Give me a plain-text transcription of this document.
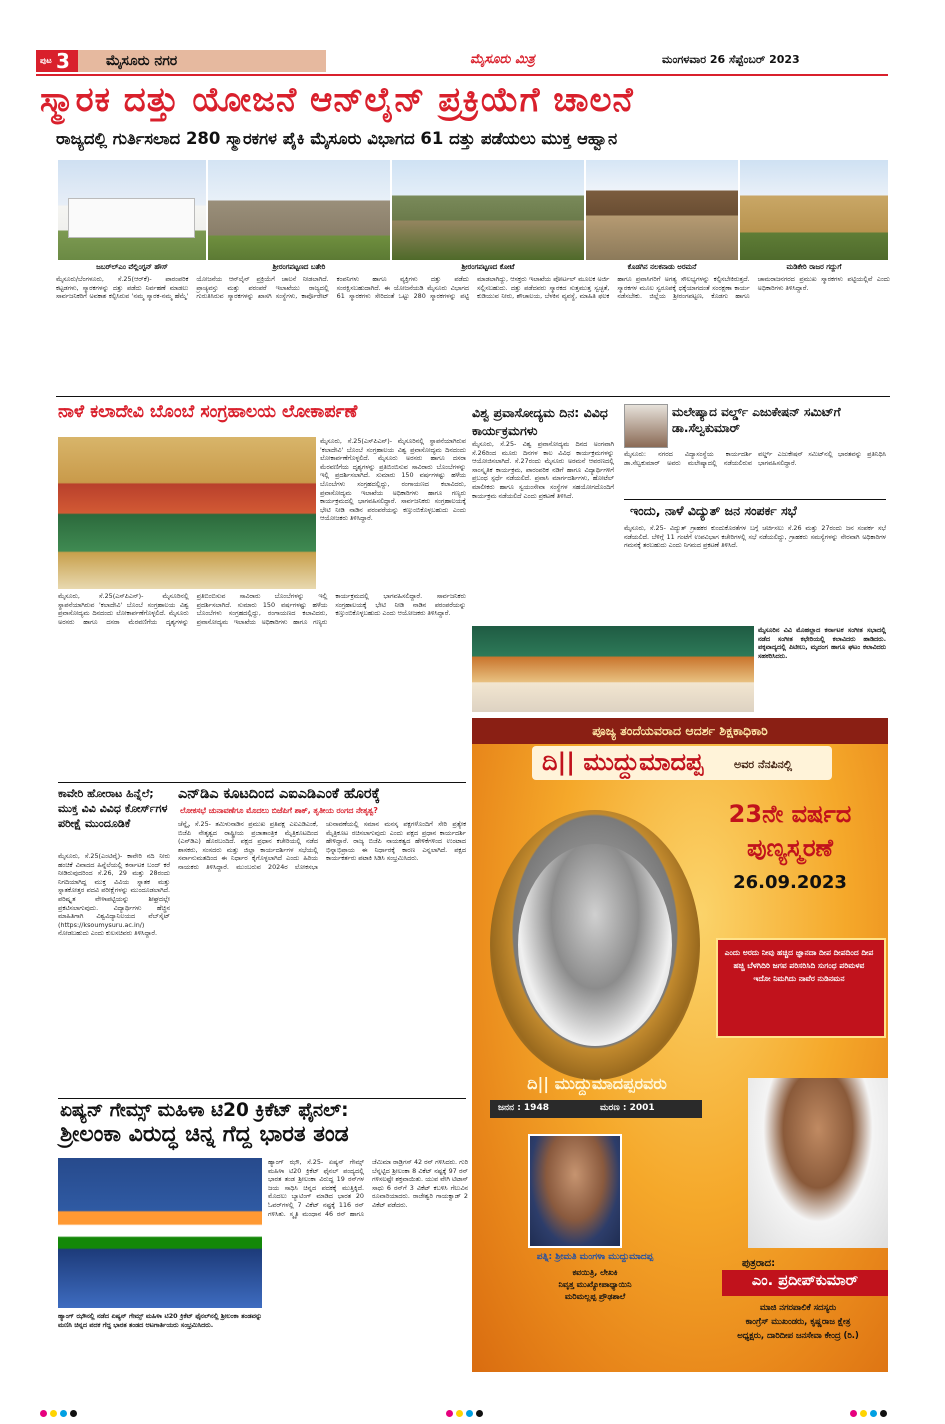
ಪುಟ 3	ಮೈಸೂರು ನಗರ	ಮೈಸೂರು ಮಿತ್ರ	ಮಂಗಳವಾರ 26 ಸೆಪ್ಟೆಂಬರ್ 2023
ಸ್ಮಾರಕ ದತ್ತು ಯೋಜನೆ ಆನ್‌ಲೈನ್ ಪ್ರಕ್ರಿಯೆಗೆ ಚಾಲನೆ
ರಾಜ್ಯದಲ್ಲಿ ಗುರ್ತಿಸಲಾದ 280 ಸ್ಮಾರಕಗಳ ಪೈಕಿ ಮೈಸೂರು ವಿಭಾಗದ 61 ದತ್ತು ಪಡೆಯಲು ಮುಕ್ತ ಆಹ್ವಾನ
ಜಬರ್‌ಲ್‌ಎಂ ವೆಲ್ಲಿಂಗ್ಟನ್ ಹೌಸ್	ಶ್ರೀರಂಗಪಟ್ಟಣದ ಬತೇರಿ	ಶ್ರೀರಂಗಪಟ್ಟಣದ ಕೋಟೆ	ಕೊಡಗಿನ ನಲಕನಾಡು ಅರಮನೆ	ಮಡಿಕೇರಿ ರಾಜರ ಗದ್ದುಗೆ
ಮೈಸೂರು/ಬೆಂಗಳೂರು, ಸೆ.25(ಆರ್‌ಕೆ)- ಪಾರಂಪರಿಕ ಕಟ್ಟಡಗಳು, ಸ್ಮಾರಕಗಳನ್ನು ದತ್ತು ಪಡೆದು ನಿರ್ವಹಣೆ ಮಾಡಲು ಸಾರ್ವಜನಿಕರಿಗೆ ಅವಕಾಶ ಕಲ್ಪಿಸಿರುವ 'ನಮ್ಮ ಸ್ಮಾರಕ-ನಮ್ಮ ಹೆಮ್ಮೆ' ಯೋಜನೆಯ ಆನ್‌ಲೈನ್ ಪ್ರಕ್ರಿಯೆಗೆ ಚಾಲನೆ ನೀಡಲಾಗಿದೆ. ಪ್ರಾಚ್ಯವಸ್ತು ಮತ್ತು ಪರಂಪರೆ ಇಲಾಖೆಯು ರಾಜ್ಯದಲ್ಲಿ ಗುರುತಿಸಿರುವ ಸ್ಮಾರಕಗಳನ್ನು ಖಾಸಗಿ ಸಂಸ್ಥೆಗಳು, ಕಾರ್ಪೊರೇಟ್ ಕಂಪನಿಗಳು ಹಾಗೂ ವ್ಯಕ್ತಿಗಳು ದತ್ತು ಪಡೆದು ಸಂರಕ್ಷಿಸಬಹುದಾಗಿದೆ. ಈ ಯೋಜನೆಯಡಿ ಮೈಸೂರು ವಿಭಾಗದ 61 ಸ್ಮಾರಕಗಳು ಸೇರಿದಂತೆ ಒಟ್ಟು 280 ಸ್ಮಾರಕಗಳನ್ನು ಪಟ್ಟಿ ಮಾಡಲಾಗಿದ್ದು, ಆಸಕ್ತರು ಇಲಾಖೆಯ ಪೋರ್ಟಲ್ ಮೂಲಕ ಅರ್ಜಿ ಸಲ್ಲಿಸಬಹುದು. ದತ್ತು ಪಡೆದವರು ಸ್ಮಾರಕದ ಸುತ್ತಮುತ್ತ ಸ್ವಚ್ಛತೆ, ಕುಡಿಯುವ ನೀರು, ಶೌಚಾಲಯ, ಬೆಳಕಿನ ವ್ಯವಸ್ಥೆ, ಮಾಹಿತಿ ಫಲಕ ಹಾಗೂ ಪ್ರವಾಸಿಗರಿಗೆ ಅಗತ್ಯ ಸೌಲಭ್ಯಗಳನ್ನು ಕಲ್ಪಿಸಬೇಕಿರುತ್ತದೆ. ಸ್ಮಾರಕಗಳ ಮೂಲ ಸ್ವರೂಪಕ್ಕೆ ಧಕ್ಕೆಯಾಗದಂತೆ ಸಂರಕ್ಷಣಾ ಕಾರ್ಯ ನಡೆಸಬೇಕು. ಜಿಲ್ಲೆಯ ಶ್ರೀರಂಗಪಟ್ಟಣ, ಕೊಡಗು ಹಾಗೂ ಚಾಮರಾಜನಗರದ ಪ್ರಮುಖ ಸ್ಮಾರಕಗಳು ಪಟ್ಟಿಯಲ್ಲಿವೆ ಎಂದು ಅಧಿಕಾರಿಗಳು ತಿಳಿಸಿದ್ದಾರೆ.
ನಾಳೆ ಕಲಾದೇವಿ ಬೊಂಬೆ ಸಂಗ್ರಹಾಲಯ ಲೋಕಾರ್ಪಣೆ
ಮೈಸೂರು, ಸೆ.25(ಎಸ್‌ಪಿಎನ್)- ಮೈಸೂರಿನಲ್ಲಿ ಸ್ಥಾಪನೆಯಾಗಿರುವ 'ಕಲಾದೇವಿ' ಬೊಂಬೆ ಸಂಗ್ರಹಾಲಯ ವಿಶ್ವ ಪ್ರವಾಸೋದ್ಯಮ ದಿನದಂದು ಲೋಕಾರ್ಪಣೆಗೊಳ್ಳಲಿದೆ. ಮೈಸೂರು ಅರಸರು ಹಾಗೂ ದಸರಾ ಮೆರವಣಿಗೆಯ ದೃಶ್ಯಗಳನ್ನು ಪ್ರತಿಬಿಂಬಿಸುವ ಸಾವಿರಾರು ಬೊಂಬೆಗಳನ್ನು ಇಲ್ಲಿ ಪ್ರದರ್ಶಿಸಲಾಗಿದೆ. ಸುಮಾರು 150 ವರ್ಷಗಳಷ್ಟು ಹಳೆಯ ಬೊಂಬೆಗಳು ಸಂಗ್ರಹದಲ್ಲಿದ್ದು, ರಂಗಾಯಣದ ಕಲಾವಿದರು, ಪ್ರವಾಸೋದ್ಯಮ ಇಲಾಖೆಯ ಅಧಿಕಾರಿಗಳು ಹಾಗೂ ಗಣ್ಯರು ಕಾರ್ಯಕ್ರಮದಲ್ಲಿ ಭಾಗವಹಿಸಲಿದ್ದಾರೆ. ಸಾರ್ವಜನಿಕರು ಸಂಗ್ರಹಾಲಯಕ್ಕೆ ಭೇಟಿ ನೀಡಿ ನಾಡಿನ ಪರಂಪರೆಯನ್ನು ಕಣ್ತುಂಬಿಕೊಳ್ಳಬಹುದು ಎಂದು ಆಯೋಜಕರು ತಿಳಿಸಿದ್ದಾರೆ.
ಮೈಸೂರು, ಸೆ.25(ಎಸ್‌ಪಿಎನ್)- ಮೈಸೂರಿನಲ್ಲಿ ಸ್ಥಾಪನೆಯಾಗಿರುವ 'ಕಲಾದೇವಿ' ಬೊಂಬೆ ಸಂಗ್ರಹಾಲಯ ವಿಶ್ವ ಪ್ರವಾಸೋದ್ಯಮ ದಿನದಂದು ಲೋಕಾರ್ಪಣೆಗೊಳ್ಳಲಿದೆ. ಮೈಸೂರು ಅರಸರು ಹಾಗೂ ದಸರಾ ಮೆರವಣಿಗೆಯ ದೃಶ್ಯಗಳನ್ನು ಪ್ರತಿಬಿಂಬಿಸುವ ಸಾವಿರಾರು ಬೊಂಬೆಗಳನ್ನು ಇಲ್ಲಿ ಪ್ರದರ್ಶಿಸಲಾಗಿದೆ. ಸುಮಾರು 150 ವರ್ಷಗಳಷ್ಟು ಹಳೆಯ ಬೊಂಬೆಗಳು ಸಂಗ್ರಹದಲ್ಲಿದ್ದು, ರಂಗಾಯಣದ ಕಲಾವಿದರು, ಪ್ರವಾಸೋದ್ಯಮ ಇಲಾಖೆಯ ಅಧಿಕಾರಿಗಳು ಹಾಗೂ ಗಣ್ಯರು ಕಾರ್ಯಕ್ರಮದಲ್ಲಿ ಭಾಗವಹಿಸಲಿದ್ದಾರೆ. ಸಾರ್ವಜನಿಕರು ಸಂಗ್ರಹಾಲಯಕ್ಕೆ ಭೇಟಿ ನೀಡಿ ನಾಡಿನ ಪರಂಪರೆಯನ್ನು ಕಣ್ತುಂಬಿಕೊಳ್ಳಬಹುದು ಎಂದು ಆಯೋಜಕರು ತಿಳಿಸಿದ್ದಾರೆ.
ವಿಶ್ವ ಪ್ರವಾಸೋದ್ಯಮ ದಿನ: ವಿವಿಧ ಕಾರ್ಯಕ್ರಮಗಳು
ಮೈಸೂರು, ಸೆ.25- ವಿಶ್ವ ಪ್ರವಾಸೋದ್ಯಮ ದಿನದ ಅಂಗವಾಗಿ ಸೆ.26ರಿಂದ ಮೂರು ದಿನಗಳ ಕಾಲ ವಿವಿಧ ಕಾರ್ಯಕ್ರಮಗಳನ್ನು ಆಯೋಜಿಸಲಾಗಿದೆ. ಸೆ.27ರಂದು ಮೈಸೂರು ಅರಮನೆ ಆವರಣದಲ್ಲಿ ಸಾಂಸ್ಕೃತಿಕ ಕಾರ್ಯಕ್ರಮ, ಪಾರಂಪರಿಕ ನಡಿಗೆ ಹಾಗೂ ವಿದ್ಯಾರ್ಥಿಗಳಿಗೆ ಪ್ರಬಂಧ ಸ್ಪರ್ಧೆ ನಡೆಯಲಿದೆ. ಪ್ರವಾಸಿ ಮಾರ್ಗದರ್ಶಿಗಳು, ಹೋಟೆಲ್ ಮಾಲೀಕರು ಹಾಗೂ ಸ್ವಯಂಸೇವಾ ಸಂಸ್ಥೆಗಳ ಸಹಯೋಗದೊಂದಿಗೆ ಕಾರ್ಯಕ್ರಮ ನಡೆಯಲಿದೆ ಎಂದು ಪ್ರಕಟಣೆ ತಿಳಿಸಿದೆ.
ಮಲೇಷ್ಯಾದ ವರ್ಲ್ಡ್ ಎಜುಕೇಷನ್ ಸಮಿಟ್‌ಗೆ ಡಾ.ಸೆಲ್ವಕುಮಾರ್
ಮೈಸೂರು: ನಗರದ ವಿದ್ಯಾಸಂಸ್ಥೆಯ ಕಾರ್ಯದರ್ಶಿ ಡಾ.ಸೆಲ್ವಕುಮಾರ್ ಅವರು ಮಲೇಷ್ಯಾದಲ್ಲಿ ನಡೆಯಲಿರುವ ವರ್ಲ್ಡ್ ಎಜುಕೇಷನ್ ಸಮಿಟ್‌ನಲ್ಲಿ ಭಾರತವನ್ನು ಪ್ರತಿನಿಧಿಸಿ ಭಾಗವಹಿಸಲಿದ್ದಾರೆ.
ಇಂದು, ನಾಳೆ ವಿದ್ಯುತ್ ಜನ ಸಂಪರ್ಕ ಸಭೆ
ಮೈಸೂರು, ಸೆ.25- ವಿದ್ಯುತ್ ಗ್ರಾಹಕರ ಕುಂದುಕೊರತೆಗಳ ಬಗ್ಗೆ ಚರ್ಚಿಸಲು ಸೆ.26 ಮತ್ತು 27ರಂದು ಜನ ಸಂಪರ್ಕ ಸಭೆ ನಡೆಯಲಿದೆ. ಬೆಳಿಗ್ಗೆ 11 ಗಂಟೆಗೆ ಉಪವಿಭಾಗ ಕಚೇರಿಗಳಲ್ಲಿ ಸಭೆ ನಡೆಯಲಿದ್ದು, ಗ್ರಾಹಕರು ಸಮಸ್ಯೆಗಳನ್ನು ನೇರವಾಗಿ ಅಧಿಕಾರಿಗಳ ಗಮನಕ್ಕೆ ತರಬಹುದು ಎಂದು ನಿಗಮದ ಪ್ರಕಟಣೆ ತಿಳಿಸಿದೆ.
ಮೈಸೂರಿನ ವಿವಿ ಮೊಹಲ್ಲಾದ ಕರ್ನಾಟಕ ಸಂಗೀತ ಸಭಾದಲ್ಲಿ ನಡೆದ ಸಂಗೀತ ಕಛೇರಿಯಲ್ಲಿ ಕಲಾವಿದರು ಹಾಡಿದರು. ಪಕ್ಕವಾದ್ಯದಲ್ಲಿ ಪಿಟೀಲು, ಮೃದಂಗ ಹಾಗೂ ಘಟಂ ಕಲಾವಿದರು ಸಹಕರಿಸಿದರು.
ಕಾವೇರಿ ಹೋರಾಟ ಹಿನ್ನೆಲೆ; ಮುಕ್ತ ವಿವಿ ವಿವಿಧ ಕೋರ್ಸ್‌ಗಳ ಪರೀಕ್ಷೆ ಮುಂದೂಡಿಕೆ
ಮೈಸೂರು, ಸೆ.25(ಎಂಟಿವೈ)- ಕಾವೇರಿ ನದಿ ನೀರು ಹಂಚಿಕೆ ವಿವಾದದ ಹಿನ್ನೆಲೆಯಲ್ಲಿ ಕರ್ನಾಟಕ ಬಂದ್ ಕರೆ ನೀಡಿರುವುದರಿಂದ ಸೆ.26, 29 ಮತ್ತು 28ರಂದು ನಿಗದಿಯಾಗಿದ್ದ ಮುಕ್ತ ವಿವಿಯ ಸ್ನಾತಕ ಮತ್ತು ಸ್ನಾತಕೋತ್ತರ ಪದವಿ ಪರೀಕ್ಷೆಗಳನ್ನು ಮುಂದೂಡಲಾಗಿದೆ. ಪರಿಷ್ಕೃತ ವೇಳಾಪಟ್ಟಿಯನ್ನು ಶೀಘ್ರದಲ್ಲೇ ಪ್ರಕಟಿಸಲಾಗುವುದು. ವಿದ್ಯಾರ್ಥಿಗಳು ಹೆಚ್ಚಿನ ಮಾಹಿತಿಗಾಗಿ ವಿಶ್ವವಿದ್ಯಾನಿಲಯದ ವೆಬ್‌ಸೈಟ್ (https://ksoumysuru.ac.in/) ನೋಡಬಹುದು ಎಂದು ಕುಲಸಚಿವರು ತಿಳಿಸಿದ್ದಾರೆ.
ಎನ್‌ಡಿಎ ಕೂಟದಿಂದ ಎಐಎಡಿಎಂಕೆ ಹೊರಕ್ಕೆ
ಲೋಕಸಭೆ ಚುನಾವಣೆಗೂ ಮೊದಲು ಬಿಜೆಪಿಗೆ ಶಾಕ್, ತೃತೀಯ ರಂಗದ ನೇತೃತ್ವ?
ಚೆನ್ನೈ, ಸೆ.25- ತಮಿಳುನಾಡಿನ ಪ್ರಮುಖ ಪ್ರತಿಪಕ್ಷ ಎಐಎಡಿಎಂಕೆ, ಬಿಜೆಪಿ ನೇತೃತ್ವದ ರಾಷ್ಟ್ರೀಯ ಪ್ರಜಾತಾಂತ್ರಿಕ ಮೈತ್ರಿಕೂಟದಿಂದ (ಎನ್‌ಡಿಎ) ಹೊರಬಂದಿದೆ. ಪಕ್ಷದ ಪ್ರಧಾನ ಕಚೇರಿಯಲ್ಲಿ ನಡೆದ ಶಾಸಕರು, ಸಂಸದರು ಮತ್ತು ಜಿಲ್ಲಾ ಕಾರ್ಯದರ್ಶಿಗಳ ಸಭೆಯಲ್ಲಿ ಸರ್ವಾನುಮತದಿಂದ ಈ ನಿರ್ಧಾರ ಕೈಗೊಳ್ಳಲಾಗಿದೆ ಎಂದು ಹಿರಿಯ ನಾಯಕರು ತಿಳಿಸಿದ್ದಾರೆ. ಮುಂಬರುವ 2024ರ ಲೋಕಸಭಾ ಚುನಾವಣೆಯಲ್ಲಿ ಸಮಾನ ಮನಸ್ಕ ಪಕ್ಷಗಳೊಂದಿಗೆ ಸೇರಿ ಪ್ರತ್ಯೇಕ ಮೈತ್ರಿಕೂಟ ರಚಿಸಲಾಗುವುದು ಎಂದು ಪಕ್ಷದ ಪ್ರಧಾನ ಕಾರ್ಯದರ್ಶಿ ಹೇಳಿದ್ದಾರೆ. ರಾಜ್ಯ ಬಿಜೆಪಿ ನಾಯಕತ್ವದ ಹೇಳಿಕೆಗಳಿಂದ ಉಂಟಾದ ಭಿನ್ನಾಭಿಪ್ರಾಯ ಈ ನಿರ್ಧಾರಕ್ಕೆ ಕಾರಣ ಎನ್ನಲಾಗಿದೆ. ಪಕ್ಷದ ಕಾರ್ಯಕರ್ತರು ಪಟಾಕಿ ಸಿಡಿಸಿ ಸಂಭ್ರಮಿಸಿದರು.
ಏಷ್ಯನ್ ಗೇಮ್ಸ್ ಮಹಿಳಾ ಟಿ20 ಕ್ರಿಕೆಟ್ ಫೈನಲ್:
ಶ್ರೀಲಂಕಾ ವಿರುದ್ಧ ಚಿನ್ನ ಗೆದ್ದ ಭಾರತ ತಂಡ
ಹ್ಯಾಂಗ್ ಝೌನಲ್ಲಿ ನಡೆದ ಏಷ್ಯನ್ ಗೇಮ್ಸ್ ಮಹಿಳಾ ಟಿ20 ಕ್ರಿಕೆಟ್ ಫೈನಲ್‌ನಲ್ಲಿ ಶ್ರೀಲಂಕಾ ತಂಡವನ್ನು ಮಣಿಸಿ ಚಿನ್ನದ ಪದಕ ಗೆದ್ದ ಭಾರತ ತಂಡದ ಆಟಗಾರ್ತಿಯರು ಸಂಭ್ರಮಿಸಿದರು.
ಹ್ಯಾಂಗ್ ಝೌ, ಸೆ.25- ಏಷ್ಯನ್ ಗೇಮ್ಸ್ ಮಹಿಳಾ ಟಿ20 ಕ್ರಿಕೆಟ್ ಫೈನಲ್ ಪಂದ್ಯದಲ್ಲಿ ಭಾರತ ತಂಡ ಶ್ರೀಲಂಕಾ ವಿರುದ್ಧ 19 ರನ್‌ಗಳ ಜಯ ಸಾಧಿಸಿ ಚಿನ್ನದ ಪದಕಕ್ಕೆ ಮುತ್ತಿಕ್ಕಿದೆ. ಮೊದಲು ಬ್ಯಾಟಿಂಗ್ ಮಾಡಿದ ಭಾರತ 20 ಓವರ್‌ಗಳಲ್ಲಿ 7 ವಿಕೆಟ್ ನಷ್ಟಕ್ಕೆ 116 ರನ್ ಗಳಿಸಿತು. ಸ್ಮೃತಿ ಮಂಧಾನ 46 ರನ್ ಹಾಗೂ ಜೆಮಿಮಾ ರಾಡ್ರಿಗಸ್ 42 ರನ್ ಗಳಿಸಿದರು. ಗುರಿ ಬೆನ್ನಟ್ಟಿದ ಶ್ರೀಲಂಕಾ 8 ವಿಕೆಟ್ ನಷ್ಟಕ್ಕೆ 97 ರನ್ ಗಳಿಸಲಷ್ಟೇ ಶಕ್ತವಾಯಿತು. ಯುವ ವೇಗಿ ಟಿಟಾಸ್ ಸಾಧು 6 ರನ್‌ಗೆ 3 ವಿಕೆಟ್ ಕಬಳಿಸಿ ಗೆಲುವಿನ ರೂವಾರಿಯಾದರು. ರಾಜೇಶ್ವರಿ ಗಾಯಕ್ವಾಡ್ 2 ವಿಕೆಟ್ ಪಡೆದರು.
ಪೂಜ್ಯ ತಂದೆಯವರಾದ ಆದರ್ಶ ಶಿಕ್ಷಕಾಧಿಕಾರಿ
ದಿ|| ಮುದ್ದುಮಾದಪ್ಪ	ಅವರ ನೆನಪಿನಲ್ಲಿ
23ನೇ ವರ್ಷದ
ಪುಣ್ಯಸ್ಮರಣೆ
26.09.2023
ಎಂದು ಅರದು ನೀವು ಹಚ್ಚಿದ ಜ್ಞಾನದಾ ದೀಪ ದೀಪದಿಂದ ದೀಪ ಹಚ್ಚಿ ಬೆಳಗಿದಿರಿ ಜಗವ ಪರಿಸರಿಸಿದಿ ಸುಗಂಧ ಪರಿಮಳವ ಇದೋ ನಿಮಗಿದು ನಾವೆರ ನುಡಿನಮನ
ದಿ|| ಮುದ್ದುಮಾದಪ್ಪರವರು
ಜನನ : 1948	ಮರಣ : 2001
ಪತ್ನಿ: ಶ್ರೀಮತಿ ಮಂಗಳಾ ಮುದ್ದುಮಾದಪ್ಪ
ಕವಯಿತ್ರಿ, ಲೇಖಕಿ
ನಿವೃತ್ತ ಮುಖ್ಯೋಪಾಧ್ಯಾಯಿನಿ
ಮರಿಮಲ್ಲಪ್ಪ ಪ್ರೌಢಶಾಲೆ
ಪುತ್ರರಾದ:
ಎಂ. ಪ್ರದೀಪ್‌ಕುಮಾರ್
ಮಾಜಿ ನಗರಪಾಲಿಕೆ ಸದಸ್ಯರು
ಕಾಂಗ್ರೆಸ್ ಮುಖಂಡರು, ಕೃಷ್ಣರಾಜ ಕ್ಷೇತ್ರ
ಅಧ್ಯಕ್ಷರು, ದಾರಿದೀಪ ಜನಸೇವಾ ಕೇಂದ್ರ (ರಿ.)
